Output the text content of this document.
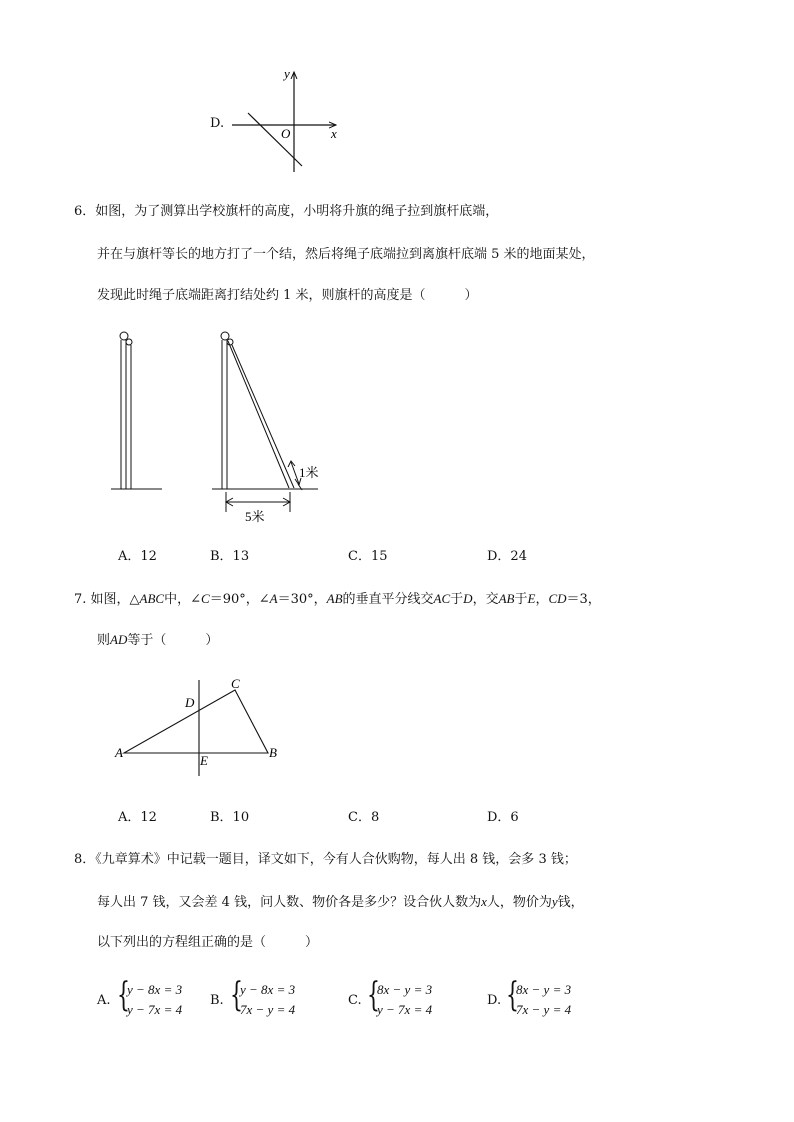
D.
y
x
O
6．如图，为了测算出学校旗杆的高度，小明将升旗的绳子拉到旗杆底端，
并在与旗杆等长的地方打了一个结，然后将绳子底端拉到离旗杆底端 5 米的地面某处，
发现此时绳子底端距离打结处约 1 米，则旗杆的高度是（　　　）
1米
5米
A．12	B．13	C．15	D．24
7. 如图，△ABC中，∠C＝90°，∠A＝30°，AB的垂直平分线交AC于D，交AB于E，CD＝3，
则AD等于（　　　）
A	B
C
D
E
A．12	B．10	C．8	D．6
8．《九章算术》中记载一题目，译文如下，今有人合伙购物，每人出 8 钱，会多 3 钱；
每人出 7 钱，又会差 4 钱，问人数、物价各是多少？设合伙人数为x人，物价为y钱，
以下列出的方程组正确的是（　　　）
A. {
y − 8x = 3
y − 7x = 4
B. {
y − 8x = 3
7x − y = 4
C. {
8x − y = 3
y − 7x = 4
D. {
8x − y = 3
7x − y = 4
